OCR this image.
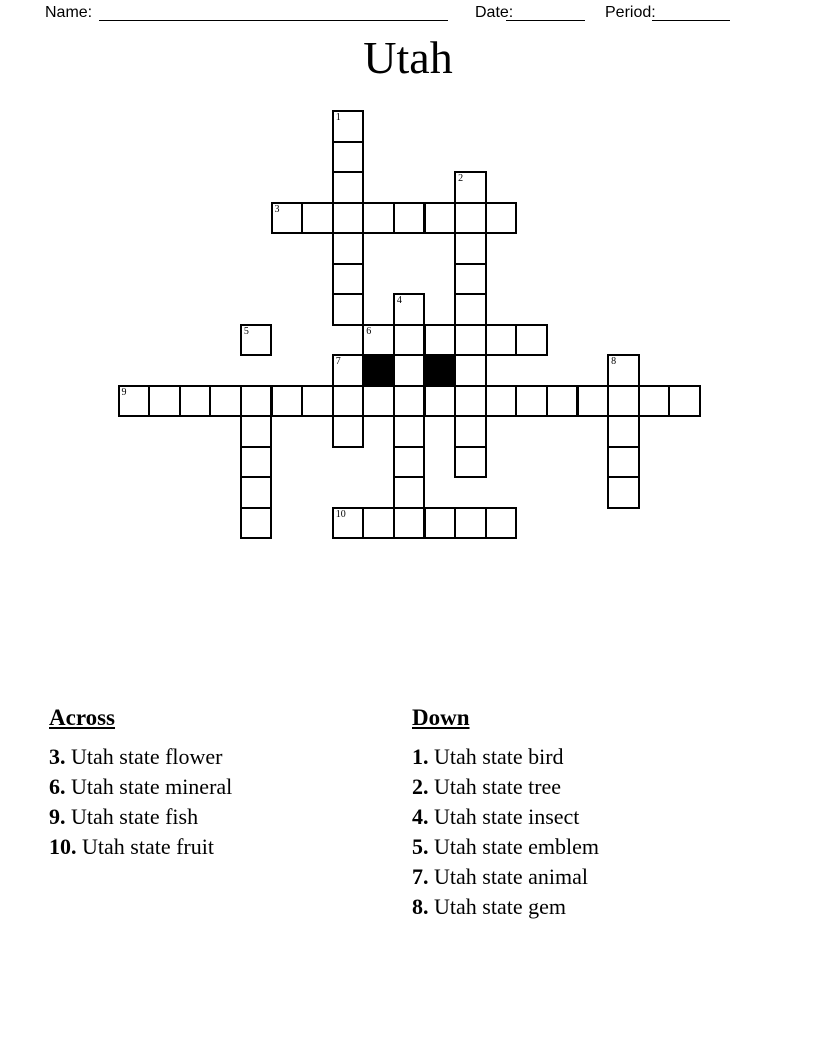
Name:	Date:	Period:
Utah
1
2
3
4
5	6
7	8
9
10
Across
3. Utah state flower
6. Utah state mineral
9. Utah state fish
10. Utah state fruit
Down
1. Utah state bird
2. Utah state tree
4. Utah state insect
5. Utah state emblem
7. Utah state animal
8. Utah state gem
